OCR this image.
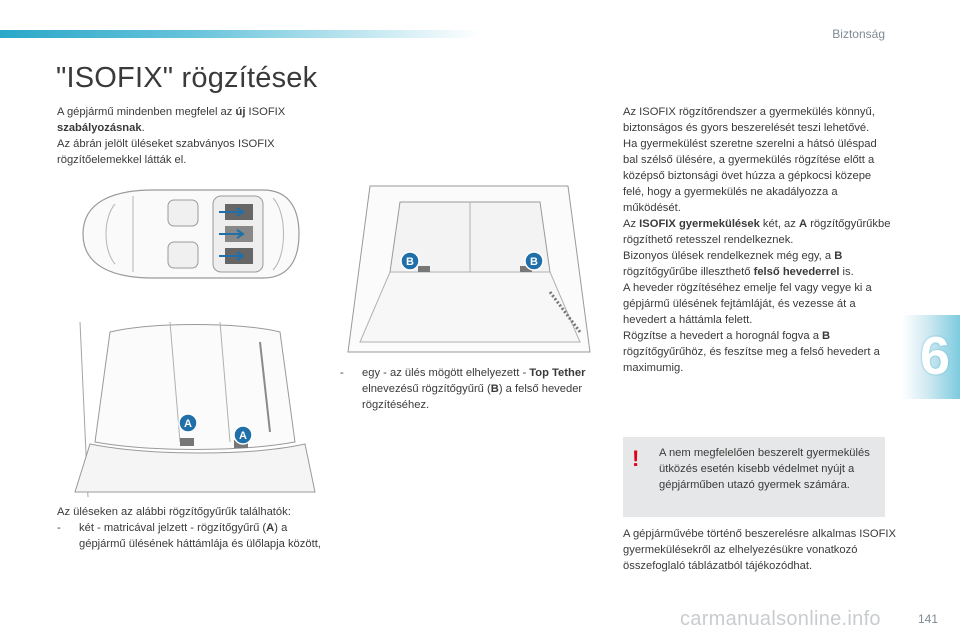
Biztonság
6
"ISOFIX" rögzítések
A gépjármű mindenben megfelel az új ISOFIX szabályozásnak.
Az ábrán jelölt üléseket szabványos ISOFIX rögzítőelemekkel látták el.
A
A
B	B
Az üléseken az alábbi rögzítőgyűrűk találhatók:
-	két - matricával jelzett - rögzítőgyűrű (A) a gépjármű ülésének háttámlája és ülőlapja között,
-	egy - az ülés mögött elhelyezett - Top Tether elnevezésű rögzítőgyűrű (B) a felső heveder rögzítéséhez.
Az ISOFIX rögzítőrendszer a gyermekülés könnyű, biztonságos és gyors beszerelését teszi lehetővé.
Ha gyermekülést szeretne szerelni a hátsó üléspad bal szélső ülésére, a gyermekülés rögzítése előtt a középső biztonsági övet húzza a gépkocsi közepe felé, hogy a gyermekülés ne akadályozza a működését.
Az ISOFIX gyermekülések két, az A rögzítőgyűrűkbe rögzíthető retesszel rendelkeznek.
Bizonyos ülések rendelkeznek még egy, a B rögzítőgyűrűbe illeszthető felső hevederrel is.
A heveder rögzítéséhez emelje fel vagy vegye ki a gépjármű ülésének fejtámláját, és vezesse át a hevedert a háttámla felett.
Rögzítse a hevedert a horognál fogva a B rögzítőgyűrűhöz, és feszítse meg a felső hevedert a maximumig.
!	A nem megfelelően beszerelt gyermekülés ütközés esetén kisebb védelmet nyújt a gépjárműben utazó gyermek számára.
A gépjárművébe történő beszerelésre alkalmas ISOFIX gyermekülésekről az elhelyezésükre vonatkozó összefoglaló táblázatból tájékozódhat.
carmanualsonline.info	141
